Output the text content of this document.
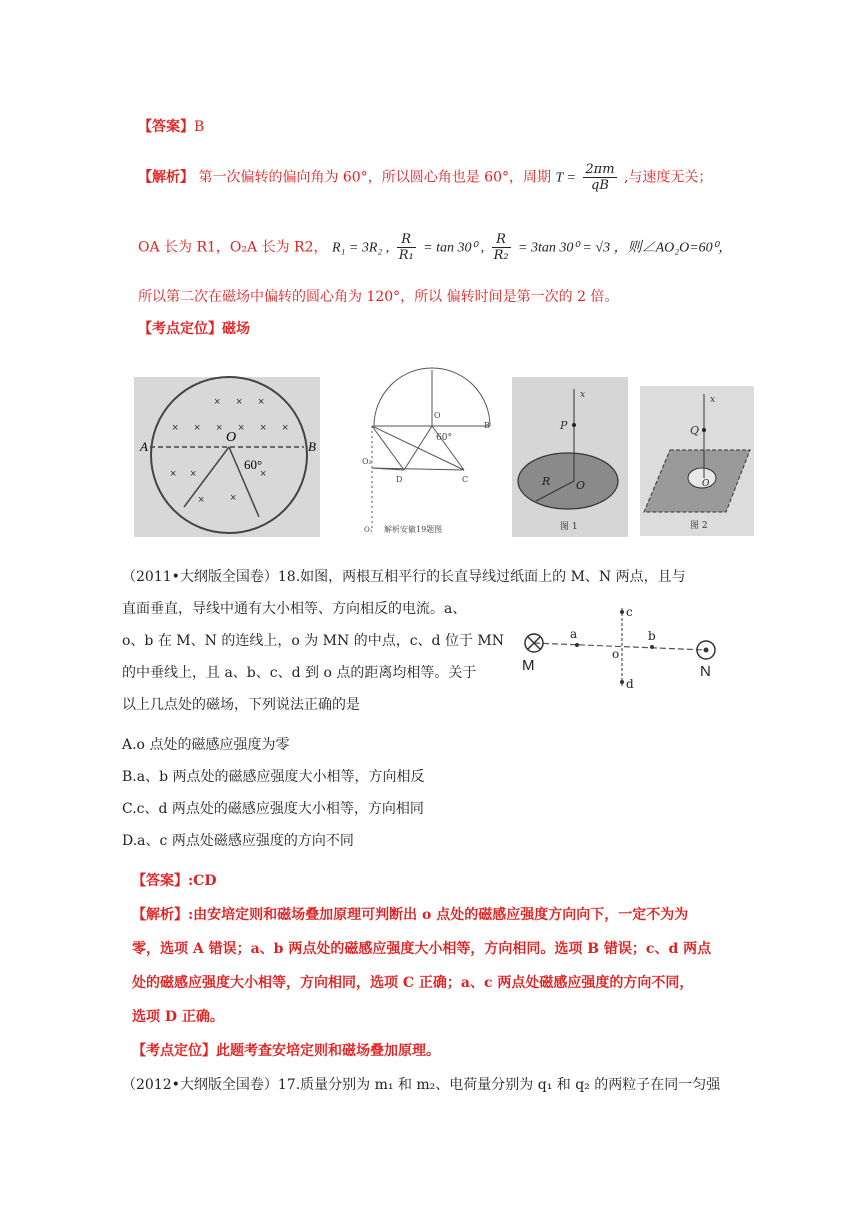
【答案】B
【解析】 第一次偏转的偏向角为 60°，所以圆心角也是 60°，周期 $T = \frac{2\pi m}{qB}$ ,与速度无关；
OA 长为 R1，O₂A 长为 R2， R₁ = 3R₂ , $\frac{R}{\text{R₁}} = \tan 30^0$ , $\frac{R}{\text{R₂}} = 3\tan$ 30⁰ = √3 ，则∠AO₂O=60⁰，
所以第二次在磁场中偏转的圆心角为 120°，所以 偏转时间是第一次的 2 倍。
【考点定位】磁场
× × ×
× × × × × ×
× ×	×
× ×
A	B
O
60°
O
60°
B
O₂
D	C
O₁ 解析安徽19题图
x
P
R O
图 1
x
Q
O
图 2
（2011•大纲版全国卷）18.如图，两根互相平行的长直导线过纸面上的 M、N 两点，且与
直面垂直，导线中通有大小相等、方向相反的电流。a、
o、b 在 M、N 的连线上，o 为 MN 的中点，c、d 位于 MN
的中垂线上，且 a、b、c、d 到 o 点的距离均相等。关于
以上几点处的磁场，下列说法正确的是
M	N
a	b
c
d
o
A.o 点处的磁感应强度为零
B.a、b 两点处的磁感应强度大小相等，方向相反
C.c、d 两点处的磁感应强度大小相等，方向相同
D.a、c 两点处磁感应强度的方向不同
【答案】:CD
【解析】:由安培定则和磁场叠加原理可判断出 o 点处的磁感应强度方向向下，一定不为为
零，选项 A 错误；a、b 两点处的磁感应强度大小相等，方向相同。选项 B 错误；c、d 两点
处的磁感应强度大小相等，方向相同，选项 C 正确；a、c 两点处磁感应强度的方向不同，
选项 D 正确。
【考点定位】此题考查安培定则和磁场叠加原理。
（2012•大纲版全国卷）17.质量分别为 m₁ 和 m₂、电荷量分别为 q₁ 和 q₂ 的两粒子在同一匀强
